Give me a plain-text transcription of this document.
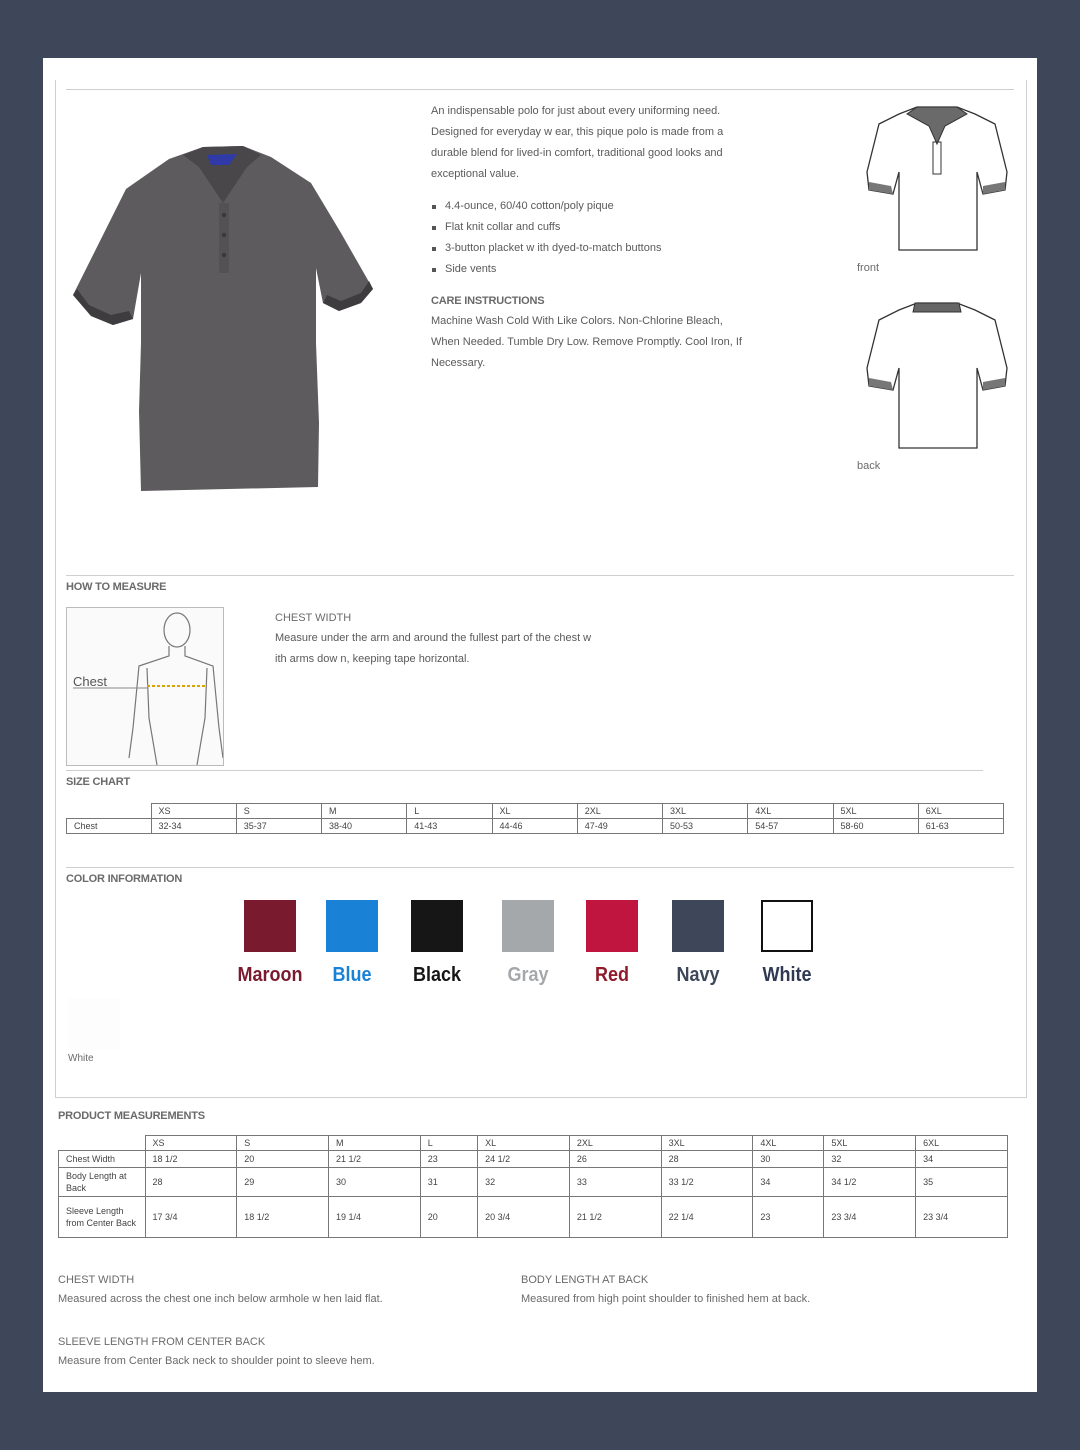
An indispensable polo for just about every uniforming need. Designed for everyday w ear, this pique polo is made from a durable blend for lived-in comfort, traditional good looks and exceptional value.
4.4-ounce, 60/40 cotton/poly pique
Flat knit collar and cuffs
3-button placket w ith dyed-to-match buttons
Side vents
CARE INSTRUCTIONS
Machine Wash Cold With Like Colors. Non-Chlorine Bleach, When Needed. Tumble Dry Low. Remove Promptly. Cool Iron, If Necessary.
front
back
HOW TO MEASURE
Chest
CHEST WIDTH
Measure under the arm and around the fullest part of the chest w ith arms dow n, keeping tape horizontal.
SIZE CHART
	XS	S	M	L	XL	2XL	3XL	4XL	5XL	6XL
Chest	32-34	35-37	38-40	41-43	44-46	47-49	50-53	54-57	58-60	61-63
COLOR INFORMATION
Maroon	Blue	Black	Gray	Red	Navy	White
White
PRODUCT MEASUREMENTS
	XS	S	M	L	XL	2XL	3XL	4XL	5XL	6XL
Chest Width	18 1/2	20	21 1/2	23	24 1/2	26	28	30	32	34
Body Length at Back	28	29	30	31	32	33	33 1/2	34	34 1/2	35
Sleeve Length from Center Back	17 3/4	18 1/2	19 1/4	20	20 3/4	21 1/2	22 1/4	23	23 3/4	23 3/4
CHEST WIDTH
Measured across the chest one inch below armhole w hen laid flat.
BODY LENGTH AT BACK
Measured from high point shoulder to finished hem at back.
SLEEVE LENGTH FROM CENTER BACK
Measure from Center Back neck to shoulder point to sleeve hem.
